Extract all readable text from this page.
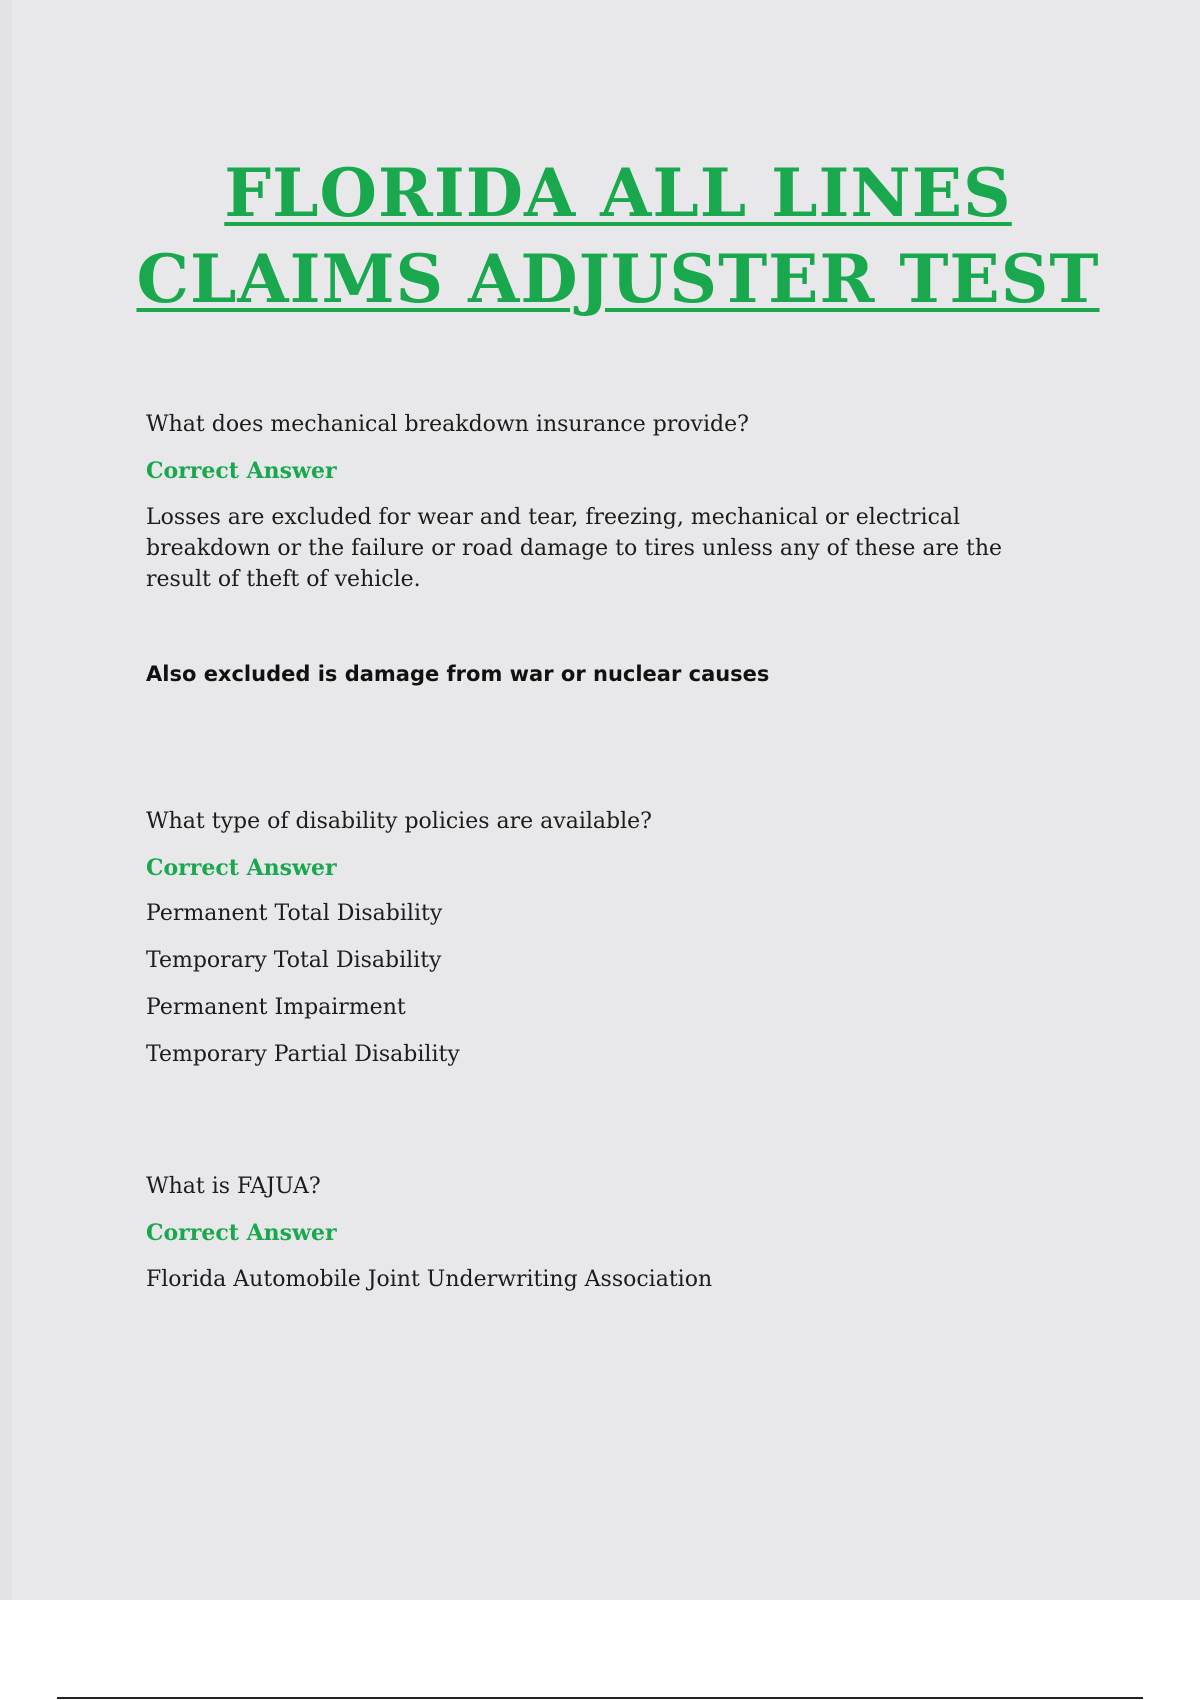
FLORIDA ALL LINES
CLAIMS ADJUSTER TEST

What does mechanical breakdown insurance provide?

Correct Answer

Losses are excluded for wear and tear, freezing, mechanical or electrical breakdown or the failure or road damage to tires unless any of these are the result of theft of vehicle.

Also excluded is damage from war or nuclear causes

What type of disability policies are available?

Correct Answer

Permanent Total Disability
Temporary Total Disability
Permanent Impairment
Temporary Partial Disability

What is FAJUA?

Correct Answer

Florida Automobile Joint Underwriting Association
